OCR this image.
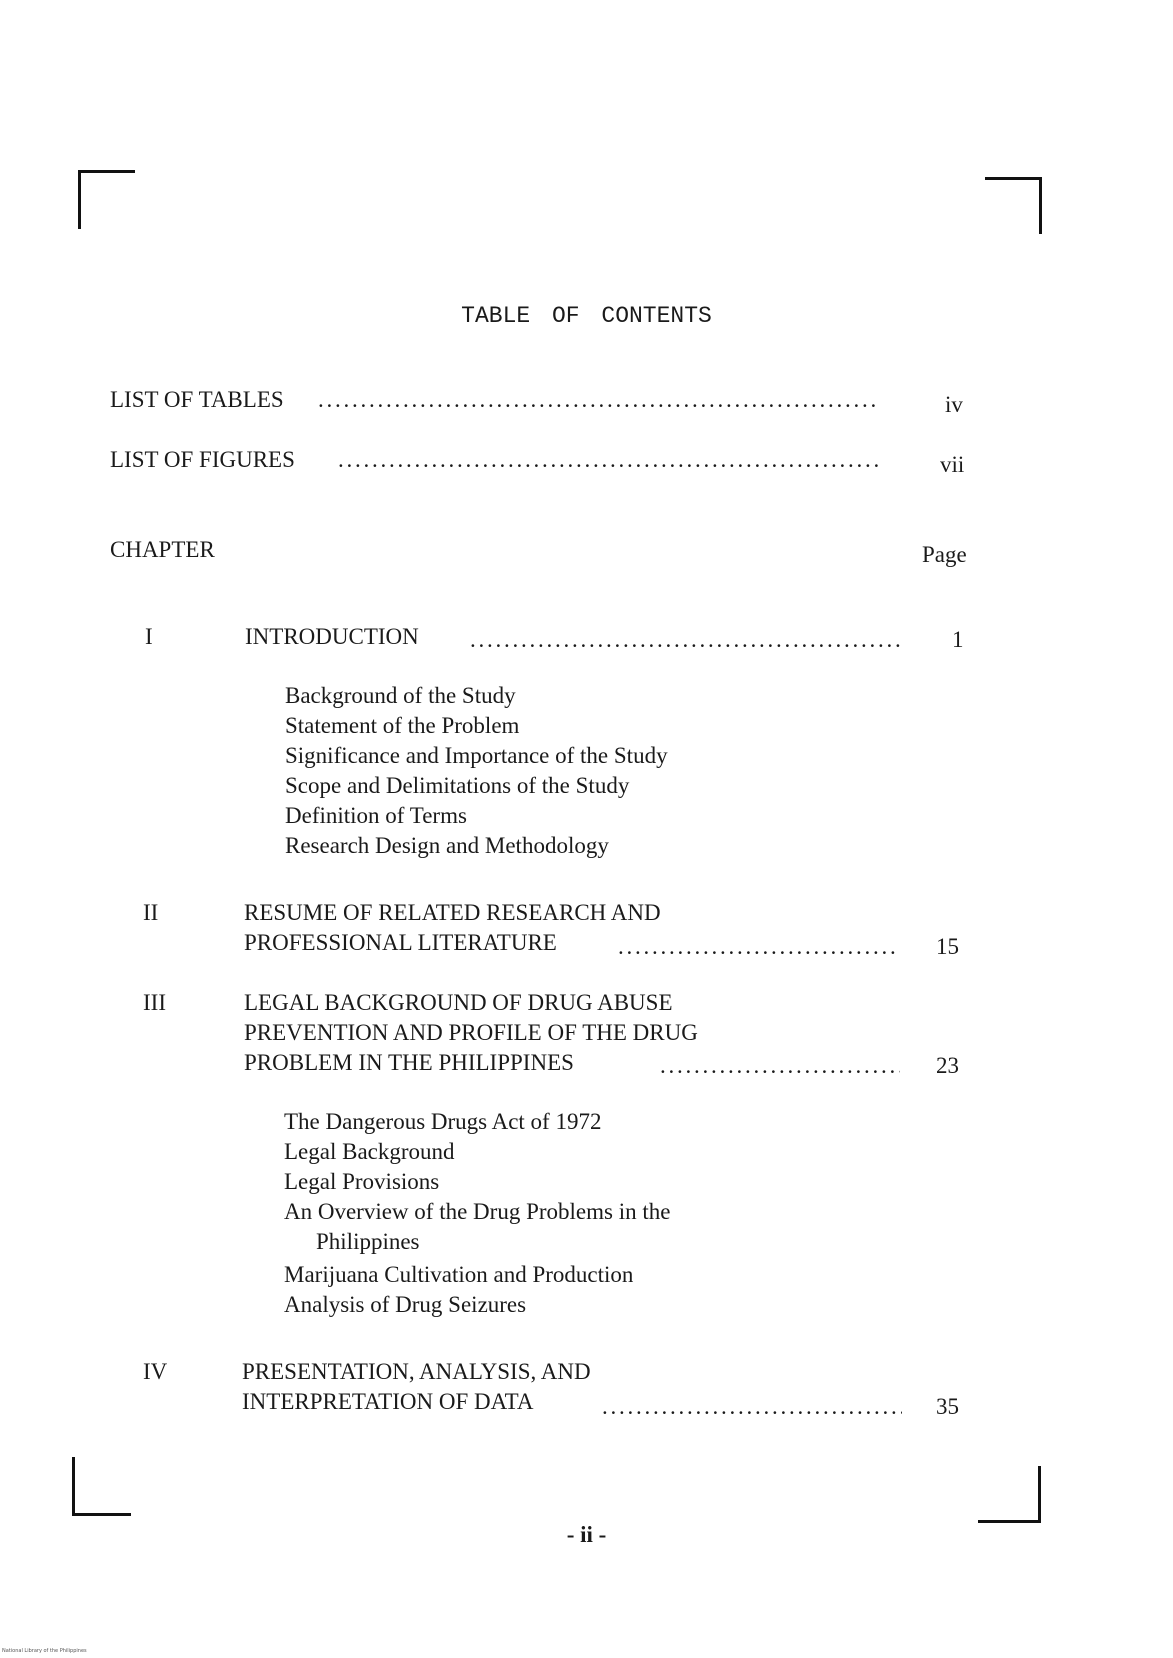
TABLE OF CONTENTS
LIST OF TABLES . . .	iv
LIST OF FIGURES . . .	vii
CHAPTER	Page
I	INTRODUCTION . . .	1
Background of the Study
Statement of the Problem
Significance and Importance of the Study
Scope and Delimitations of the Study
Definition of Terms
Research Design and Methodology
II	RESUME OF RELATED RESEARCH AND
PROFESSIONAL LITERATURE . . .	15
III	LEGAL BACKGROUND OF DRUG ABUSE
PREVENTION AND PROFILE OF THE DRUG
PROBLEM IN THE PHILIPPINES . . .	23
The Dangerous Drugs Act of 1972
Legal Background
Legal Provisions
An Overview of the Drug Problems in the
Philippines
Marijuana Cultivation and Production
Analysis of Drug Seizures
IV	PRESENTATION, ANALYSIS, AND
INTERPRETATION OF DATA . . .	35
- ii -
National Library of the Philippines
